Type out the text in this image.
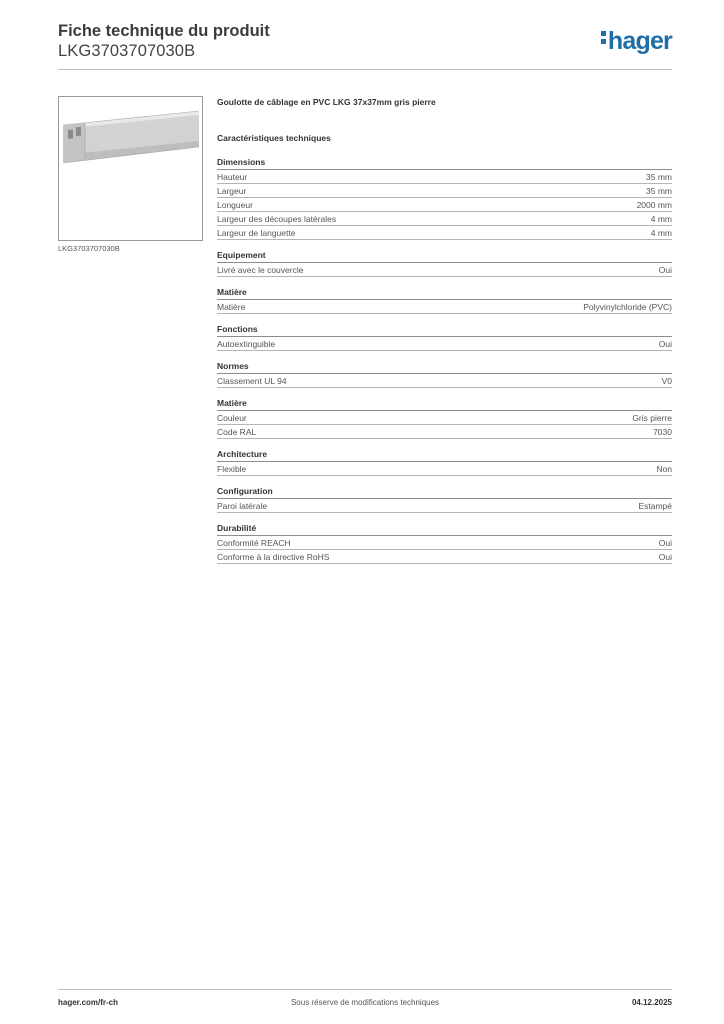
Fiche technique du produit

LKG3703707030B	hager
LKG3703707030B
Goulotte de câblage en PVC LKG 37x37mm gris pierre
Caractéristiques techniques
Dimensions
Hauteur	35 mm
Largeur	35 mm
Longueur	2000 mm
Largeur des découpes latérales	4 mm
Largeur de languette	4 mm
Equipement
Livré avec le couvercle	Oui
Matière
Matière	Polyvinylchloride (PVC)
Fonctions
Autoextinguible	Oui
Normes
Classement UL 94	V0
Matière
Couleur	Gris pierre
Code RAL	7030
Architecture
Flexible	Non
Configuration
Paroi latérale	Estampé
Durabilité
Conformité REACH	Oui
Conforme à la directive RoHS	Oui
hager.com/fr-ch	Sous réserve de modifications techniques	04.12.2025
